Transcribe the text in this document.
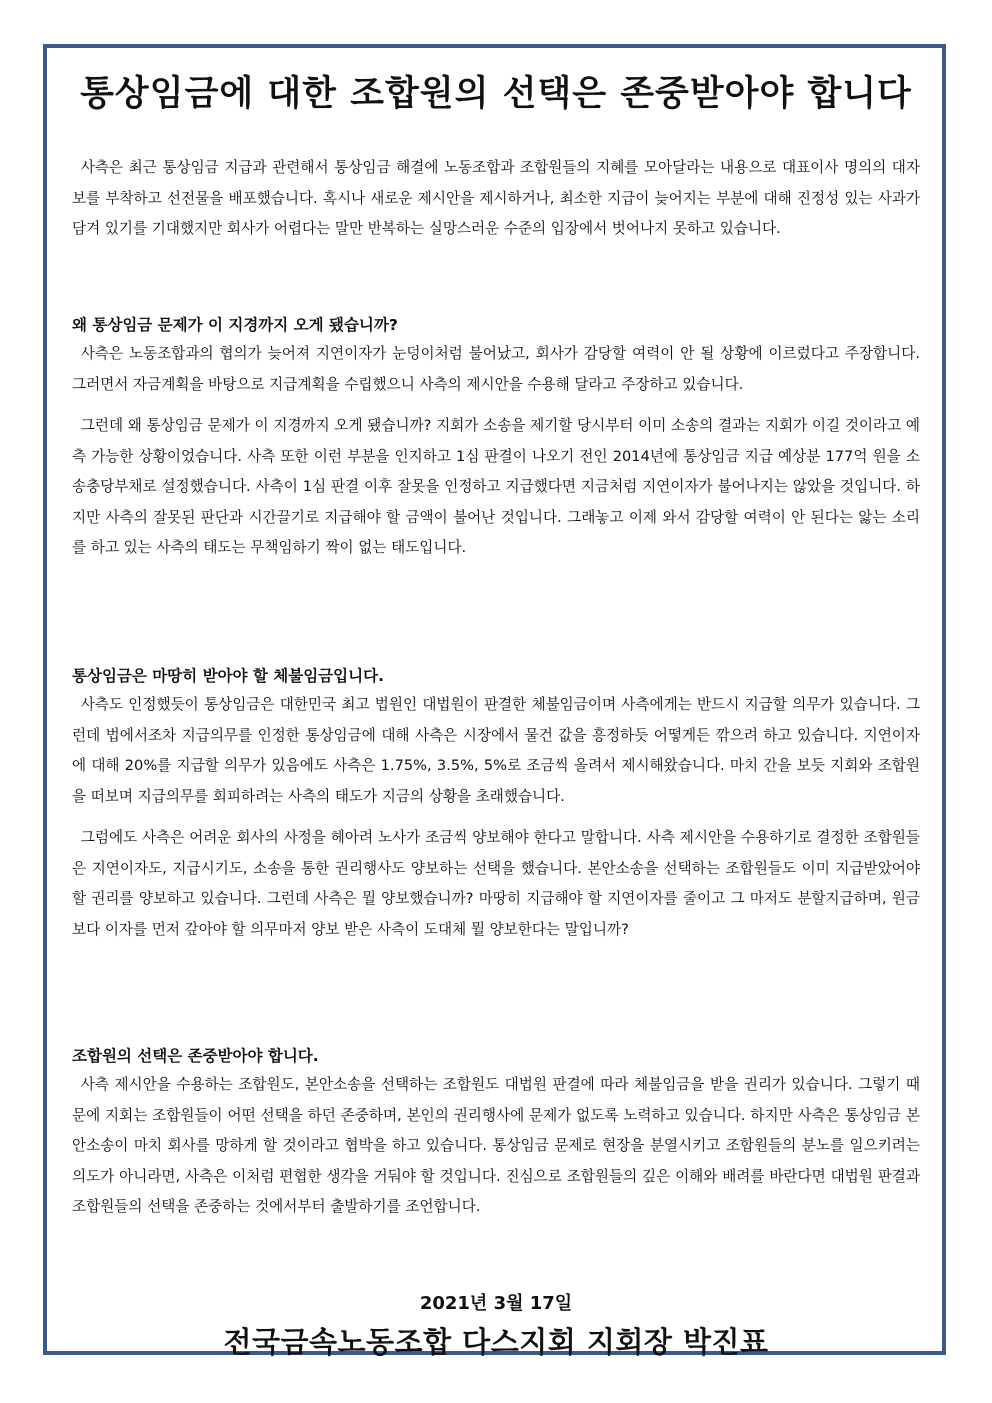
통상임금에 대한 조합원의 선택은 존중받아야 합니다

사측은 최근 통상임금 지급과 관련해서 통상임금 해결에 노동조합과 조합원들의 지혜를 모아달라는 내용으로 대표이사 명의의 대자보를 부착하고 선전물을 배포했습니다. 혹시나 새로운 제시안을 제시하거나, 최소한 지급이 늦어지는 부분에 대해 진정성 있는 사과가 담겨 있기를 기대했지만 회사가 어렵다는 말만 반복하는 실망스러운 수준의 입장에서 벗어나지 못하고 있습니다.

왜 통상임금 문제가 이 지경까지 오게 됐습니까?

사측은 노동조합과의 협의가 늦어져 지연이자가 눈덩이처럼 불어났고, 회사가 감당할 여력이 안 될 상황에 이르렀다고 주장합니다. 그러면서 자금계획을 바탕으로 지급계획을 수립했으니 사측의 제시안을 수용해 달라고 주장하고 있습니다.

그런데 왜 통상임금 문제가 이 지경까지 오게 됐습니까? 지회가 소송을 제기할 당시부터 이미 소송의 결과는 지회가 이길 것이라고 예측 가능한 상황이었습니다. 사측 또한 이런 부분을 인지하고 1심 판결이 나오기 전인 2014년에 통상임금 지급 예상분 177억 원을 소송충당부채로 설정했습니다. 사측이 1심 판결 이후 잘못을 인정하고 지급했다면 지금처럼 지연이자가 불어나지는 않았을 것입니다. 하지만 사측의 잘못된 판단과 시간끌기로 지급해야 할 금액이 불어난 것입니다. 그래놓고 이제 와서 감당할 여력이 안 된다는 앓는 소리를 하고 있는 사측의 태도는 무책임하기 짝이 없는 태도입니다.

통상임금은 마땅히 받아야 할 체불임금입니다.

사측도 인정했듯이 통상임금은 대한민국 최고 법원인 대법원이 판결한 체불임금이며 사측에게는 반드시 지급할 의무가 있습니다. 그런데 법에서조차 지급의무를 인정한 통상임금에 대해 사측은 시장에서 물건 값을 흥정하듯 어떻게든 깎으려 하고 있습니다. 지연이자에 대해 20%를 지급할 의무가 있음에도 사측은 1.75%, 3.5%, 5%로 조금씩 올려서 제시해왔습니다. 마치 간을 보듯 지회와 조합원을 떠보며 지급의무를 회피하려는 사측의 태도가 지금의 상황을 초래했습니다.

그럼에도 사측은 어려운 회사의 사정을 헤아려 노사가 조금씩 양보해야 한다고 말합니다. 사측 제시안을 수용하기로 결정한 조합원들은 지연이자도, 지급시기도, 소송을 통한 권리행사도 양보하는 선택을 했습니다. 본안소송을 선택하는 조합원들도 이미 지급받았어야 할 권리를 양보하고 있습니다. 그런데 사측은 뭘 양보했습니까? 마땅히 지급해야 할 지연이자를 줄이고 그 마저도 분할지급하며, 원금보다 이자를 먼저 갚아야 할 의무마저 양보 받은 사측이 도대체 뭘 양보한다는 말입니까?

조합원의 선택은 존중받아야 합니다.

사측 제시안을 수용하는 조합원도, 본안소송을 선택하는 조합원도 대법원 판결에 따라 체불임금을 받을 권리가 있습니다. 그렇기 때문에 지회는 조합원들이 어떤 선택을 하던 존중하며, 본인의 권리행사에 문제가 없도록 노력하고 있습니다. 하지만 사측은 통상임금 본안소송이 마치 회사를 망하게 할 것이라고 협박을 하고 있습니다. 통상임금 문제로 현장을 분열시키고 조합원들의 분노를 일으키려는 의도가 아니라면, 사측은 이처럼 편협한 생각을 거둬야 할 것입니다. 진심으로 조합원들의 깊은 이해와 배려를 바란다면 대법원 판결과 조합원들의 선택을 존중하는 것에서부터 출발하기를 조언합니다.

2021년 3월 17일
전국금속노동조합 다스지회 지회장 박진표
